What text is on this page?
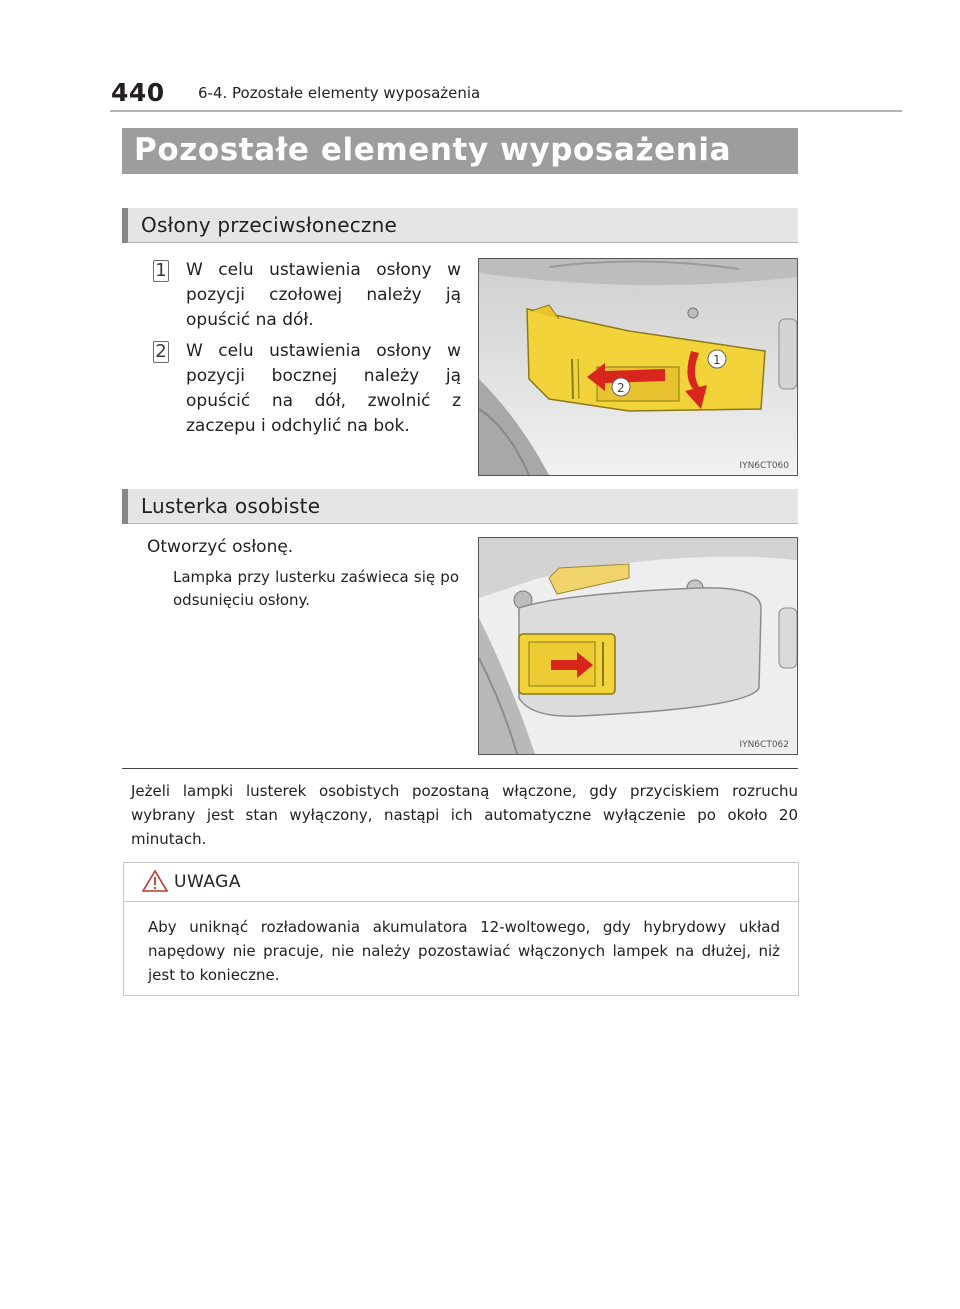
440 6-4. Pozostałe elementy wyposażenia
Pozostałe elementy wyposażenia
Osłony przeciwsłoneczne
1 W celu ustawienia osłony w pozycji czołowej należy ją opuścić na dół.
2 W celu ustawienia osłony w pozycji bocznej należy ją opuścić na dół, zwolnić z zaczepu i odchylić na bok.
1
2
IYN6CT060
Lusterka osobiste
Otworzyć osłonę.
Lampka przy lusterku zaświeca się po odsunięciu osłony.
IYN6CT062
Jeżeli lampki lusterek osobistych pozostaną włączone, gdy przyciskiem rozruchu wybrany jest stan wyłączony, nastąpi ich automatyczne wyłączenie po około 20 minutach.
UWAGA
Aby uniknąć rozładowania akumulatora 12-woltowego, gdy hybrydowy układ napędowy nie pracuje, nie należy pozostawiać włączonych lampek na dłużej, niż jest to konieczne.
